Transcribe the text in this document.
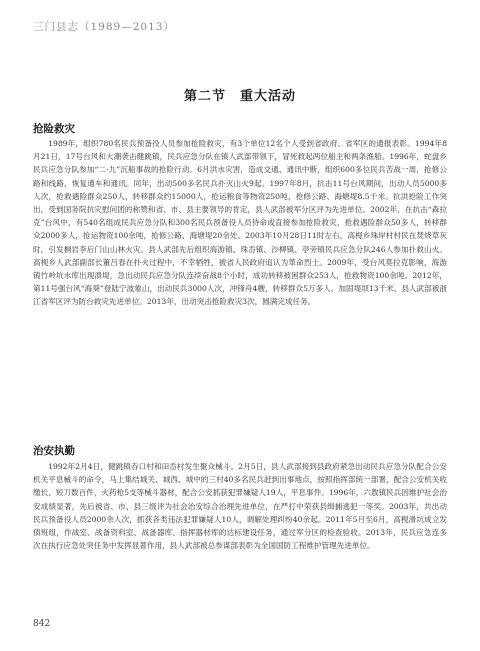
三门县志（1989—2013）
第二节　重大活动
抢险救灾

1989年，组织780名民兵预备役人员参加抢险救灾，有3个单位12名个人受到省政府、省军区的通报表彰。1994年8月21日，17号台风和大潮袭击健跳镇，民兵应急分队在镇人武部带领下，冒死救起两位船主和两条渔船。1996年，蛇盘乡民兵应急分队参加“二·九”沉船事故的抢险行动。6月洪水灾害，造成交通、通讯中断，组织600多位民兵苦战一周，抢修公路和线路，恢复通车和通讯。同年，出动500多名民兵扑灭山火9起。1997年8月，抗击11号台风期间，出动人员5000多人次，抢救遇险群众250人，转移群众约15000人，抢运粮食等物资250吨，抢修公路、海塘堤8.5千米。抗洪抢险工作突出，受到国务院抗灾慰问团的称赞和省、市、县主要领导的肯定，县人武部被军分区评为先进单位。2002年，在抗击“森拉克”台风中，有540名组成民兵应急分队和300名民兵预备役人员待命或直接参加抢险救灾，抢救遇险群众50多人，转移群众2000多人，抢运物资100余吨，抢修公路、海塘堤20余处。2003年10月28日11时左右，高枧乡珠岸村村民在焚烧草灰时，引发桐岩李后门山山林火灾。县人武部先后组织海游镇、珠岙镇、沙柳镇、亭旁镇民兵应急分队246人参加扑救山火。高枧乡人武部副部长董吕春在扑火过程中，不幸牺牲，被省人民政府追认为革命烈士。2009年，受台风莫拉克影响，海游镇竹岭坑水库出现溃堤，急出动民兵应急分队连续奋战8个小时，成功转移被困群众253人，抢救物资100余吨。2012年，第11号强台风“海葵”登陆宁波象山，出动民兵3000人次，冲锋舟4艘，转移群众5万多人，加固堤坝13千米。县人武部被浙江省军区评为防台救灾先进单位。2013年，出动突击抢险救灾3次，圆满完成任务。

治安执勤

1992年2月4日，健跳镇吞口村和田岙村发生聚众械斗。2月5日，县人武部接到县政府紧急出动民兵应急分队配合公安机关平息械斗的命令，马上集结城关、城西、城中的三村40多名民兵赶到出事地点，按照指挥部统一部署，配合公安机关收缴长、短刀数百件，火药枪5支等械斗器材，配合公安抓获犯罪嫌疑人19人，平息事件。1996年，六敖镇民兵因维护社会治安成绩显著，先后被省、市、县三级评为社会治安综合治理先进单位，在严打中荣获县缉捕逃犯一等奖。2003年，共出动民兵预备役人员2000余人次，抓获各类违法犯罪嫌疑人10人，调解处理纠纷40余起。2011年5月至6月，高枧滑坑成立发债班组，作战室、战备资料室、战备器库、指挥器材库的达标建设任务，通过军分区的检查验收。2013年，民兵应急连多次在执行应急处突任务中发挥显著作用，县人武部被总参谋部表彰为全国国防工程维护管理先进单位。

842
